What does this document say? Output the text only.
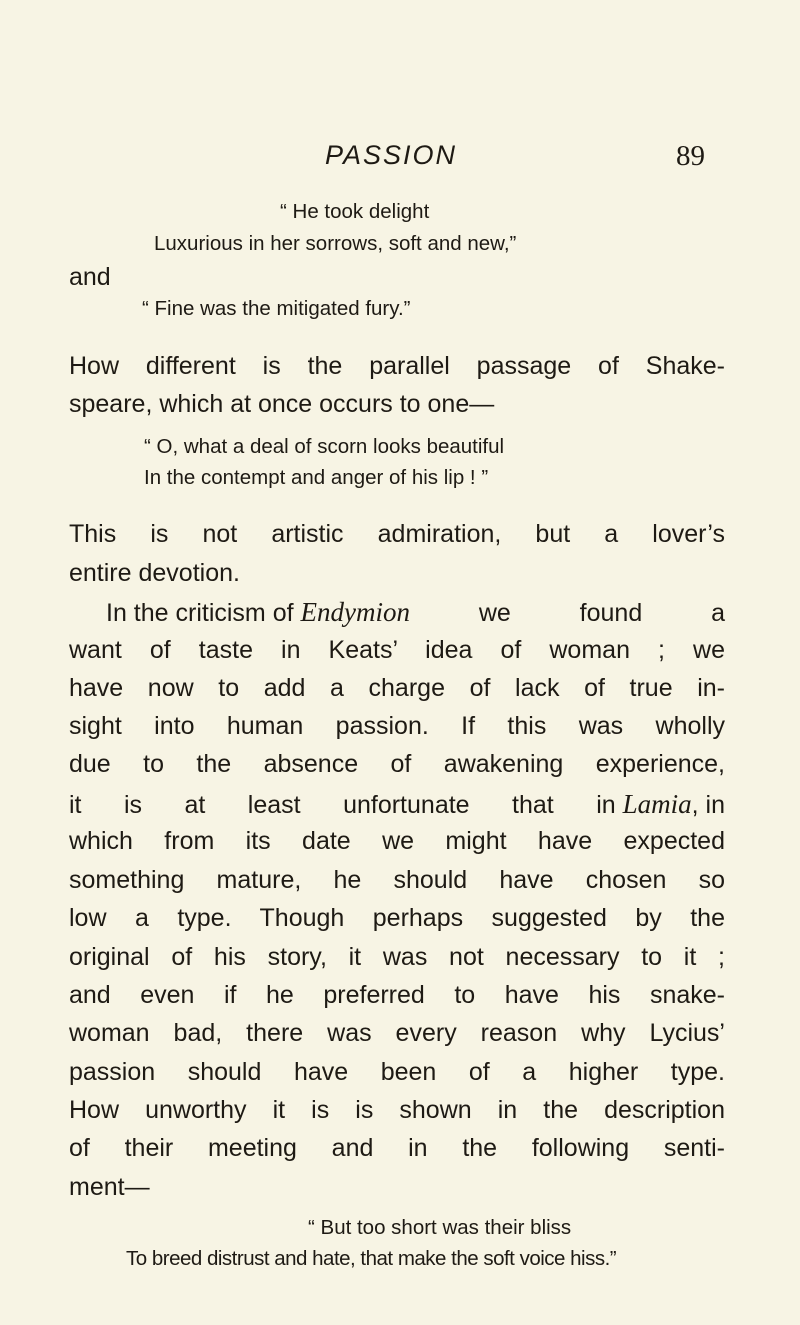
PASSION	89
“ He took delight
Luxurious in her sorrows, soft and new,”
and
“ Fine was the mitigated fury.”
How different is the parallel passage of Shake-
speare, which at once occurs to one—
“ O, what a deal of scorn looks beautiful
In the contempt and anger of his lip ! ”
This is not artistic admiration, but a lover’s
entire devotion.
In the criticism of Endymion we found a
want of taste in Keats’ idea of woman ; we
have now to add a charge of lack of true in-
sight into human passion. If this was wholly
due to the absence of awakening experience,
it is at least unfortunate that in Lamia , in
which from its date we might have expected
something mature, he should have chosen so
low a type. Though perhaps suggested by the
original of his story, it was not necessary to it ;
and even if he preferred to have his snake-
woman bad, there was every reason why Lycius’
passion should have been of a higher type.
How unworthy it is is shown in the description
of their meeting and in the following senti-
ment—
“ But too short was their bliss
To breed distrust and hate, that make the soft voice hiss.”
